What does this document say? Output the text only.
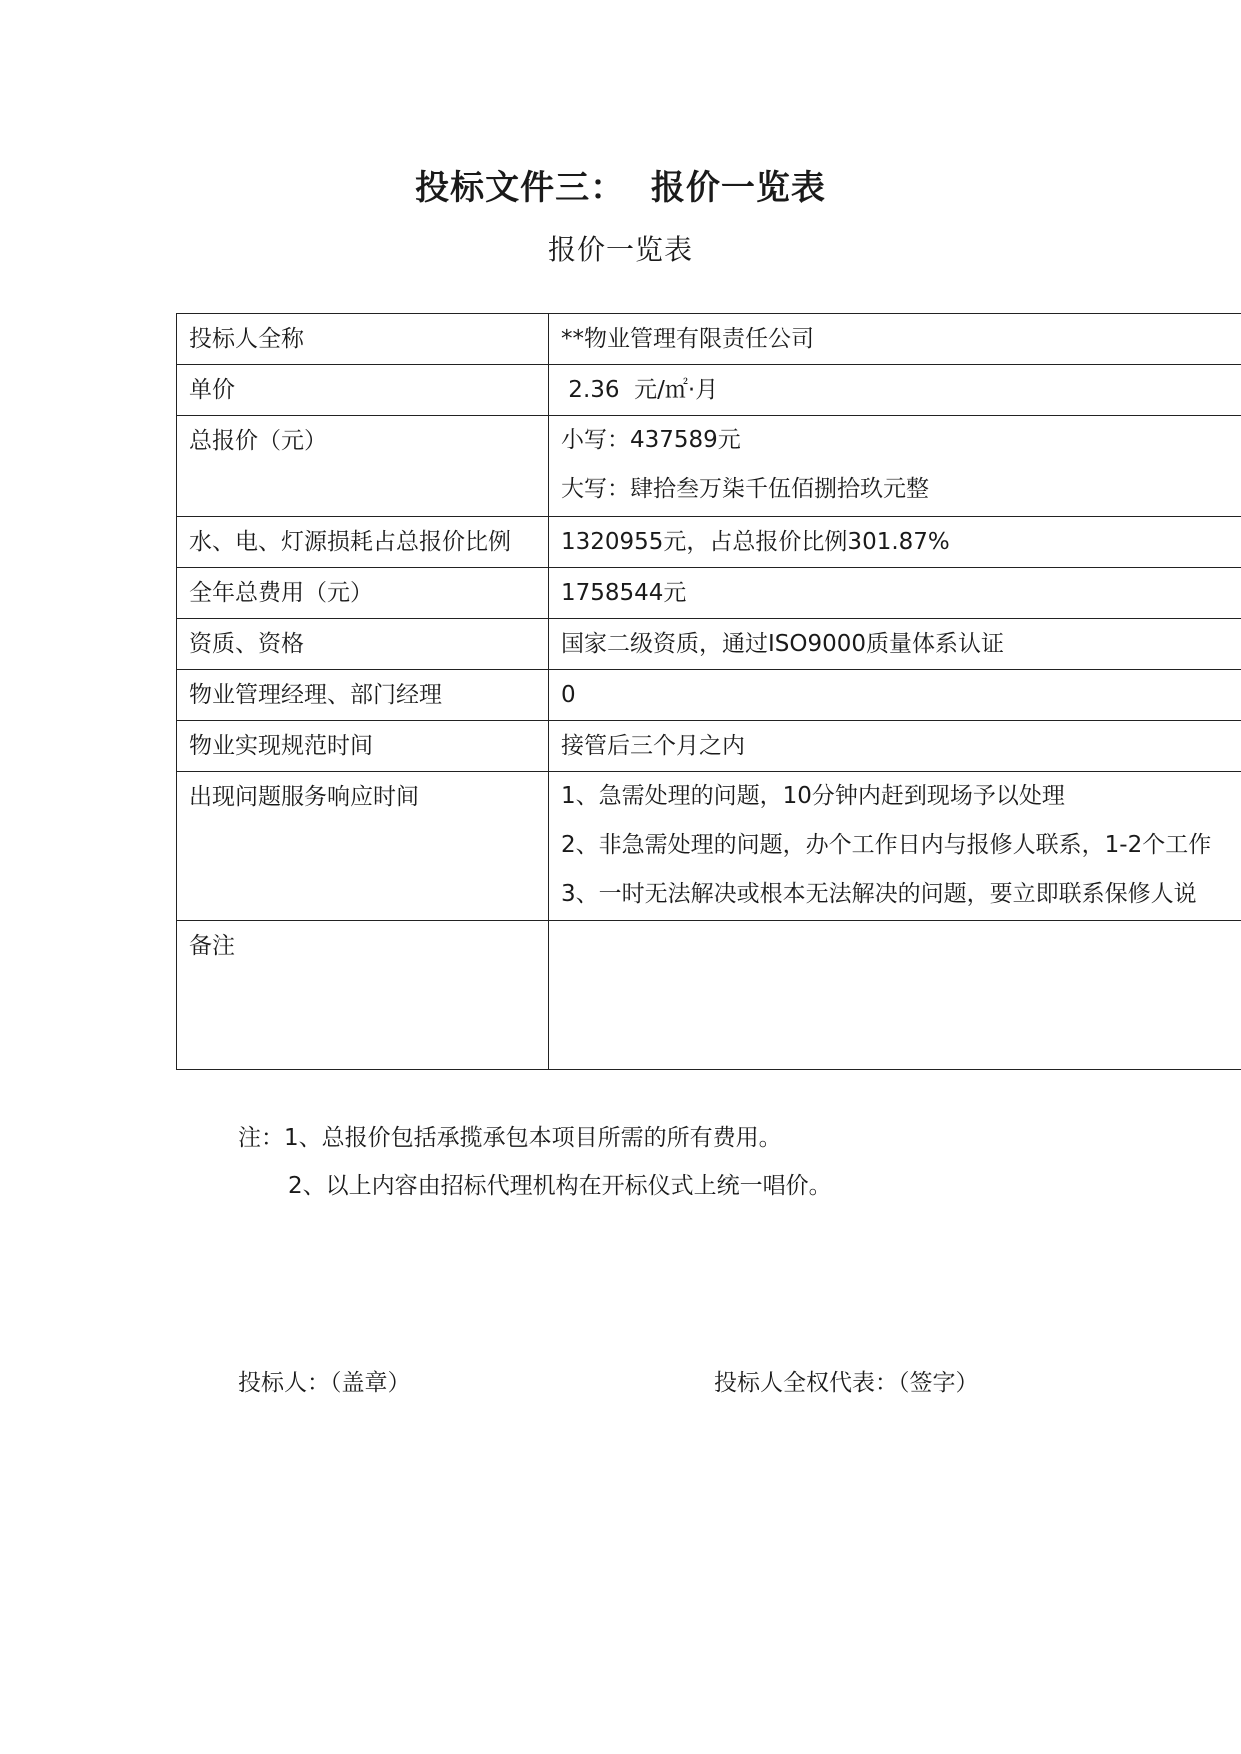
投标文件三：  报价一览表
报价一览表
投标人全称	**物业管理有限责任公司
单价	2.36  元/㎡·月
总报价（元）	小写：437589元
大写：肆拾叁万柒千伍佰捌拾玖元整

水、电、灯源损耗占总报价比例	1320955元，占总报价比例301.87%
全年总费用（元）	1758544元
资质、资格	国家二级资质，通过ISO9000质量体系认证
物业管理经理、部门经理	0
物业实现规范时间	接管后三个月之内
出现问题服务响应时间	1、急需处理的问题，10分钟内赶到现场予以处理
2、非急需处理的问题，办个工作日内与报修人联系，1-2个工作
3、一时无法解决或根本无法解决的问题，要立即联系保修人说

备注	
注：1、总报价包括承揽承包本项目所需的所有费用。
2、以上内容由招标代理机构在开标仪式上统一唱价。
投标人：（盖章）	投标人全权代表：（签字）
